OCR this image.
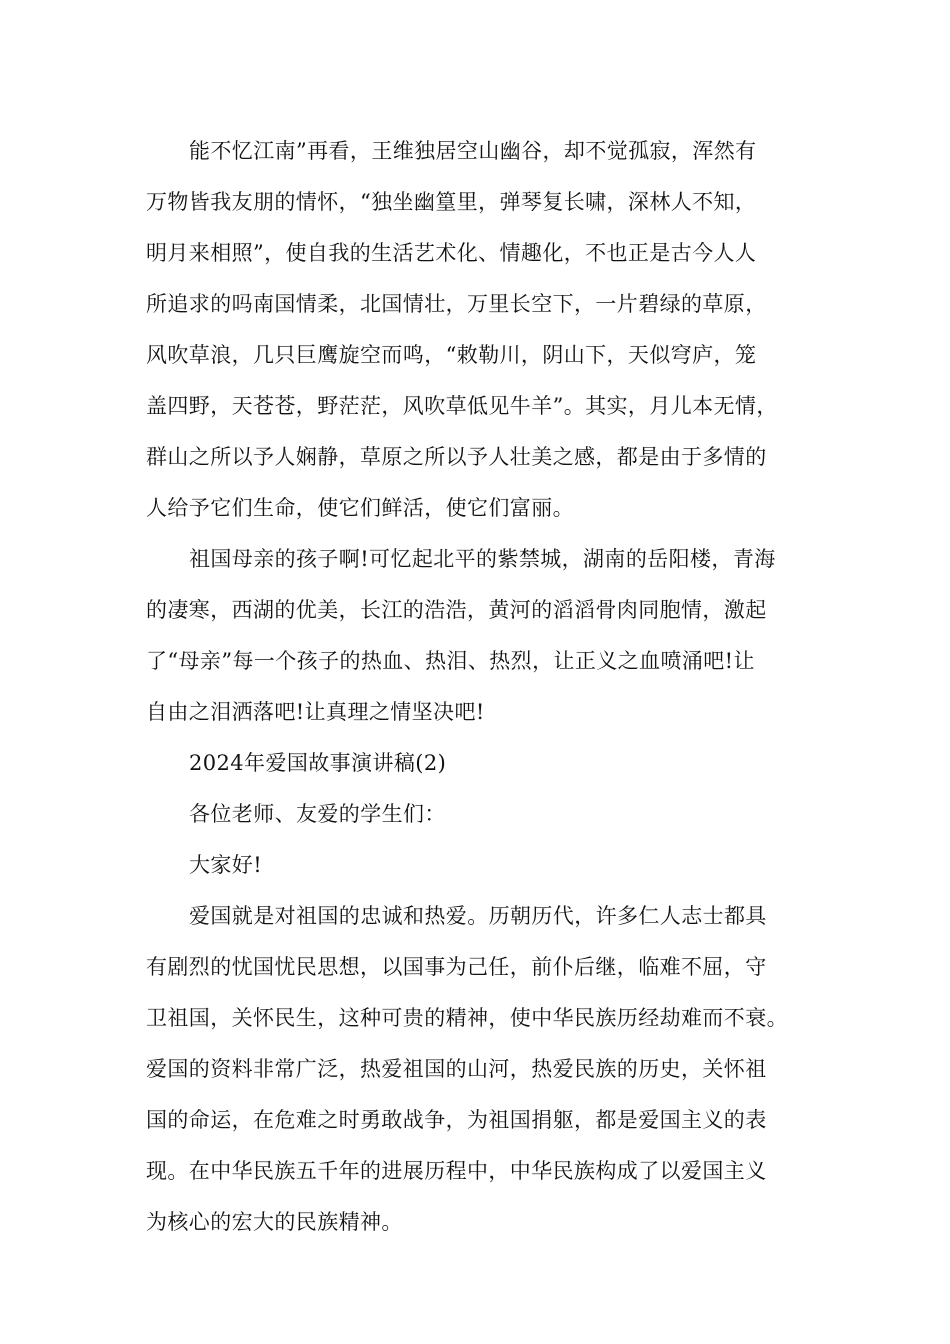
能不忆江南”再看，王维独居空山幽谷，却不觉孤寂，浑然有
万物皆我友朋的情怀，“独坐幽篁里，弹琴复长啸，深林人不知，
明月来相照”，使自我的生活艺术化、情趣化，不也正是古今人人
所追求的吗南国情柔，北国情壮，万里长空下，一片碧绿的草原，
风吹草浪，几只巨鹰旋空而鸣，“敕勒川，阴山下，天似穹庐，笼
盖四野，天苍苍，野茫茫，风吹草低见牛羊”。其实，月儿本无情，
群山之所以予人娴静，草原之所以予人壮美之感，都是由于多情的
人给予它们生命，使它们鲜活，使它们富丽。
祖国母亲的孩子啊!可忆起北平的紫禁城，湖南的岳阳楼，青海
的凄寒，西湖的优美，长江的浩浩，黄河的滔滔骨肉同胞情，激起
了“母亲”每一个孩子的热血、热泪、热烈，让正义之血喷涌吧!让
自由之泪洒落吧!让真理之情坚决吧!
2024年爱国故事演讲稿(2)
各位老师、友爱的学生们：
大家好!
爱国就是对祖国的忠诚和热爱。历朝历代，许多仁人志士都具
有剧烈的忧国忧民思想，以国事为己任，前仆后继，临难不屈，守
卫祖国，关怀民生，这种可贵的精神，使中华民族历经劫难而不衰。
爱国的资料非常广泛，热爱祖国的山河，热爱民族的历史，关怀祖
国的命运，在危难之时勇敢战争，为祖国捐躯，都是爱国主义的表
现。在中华民族五千年的进展历程中，中华民族构成了以爱国主义
为核心的宏大的民族精神。
